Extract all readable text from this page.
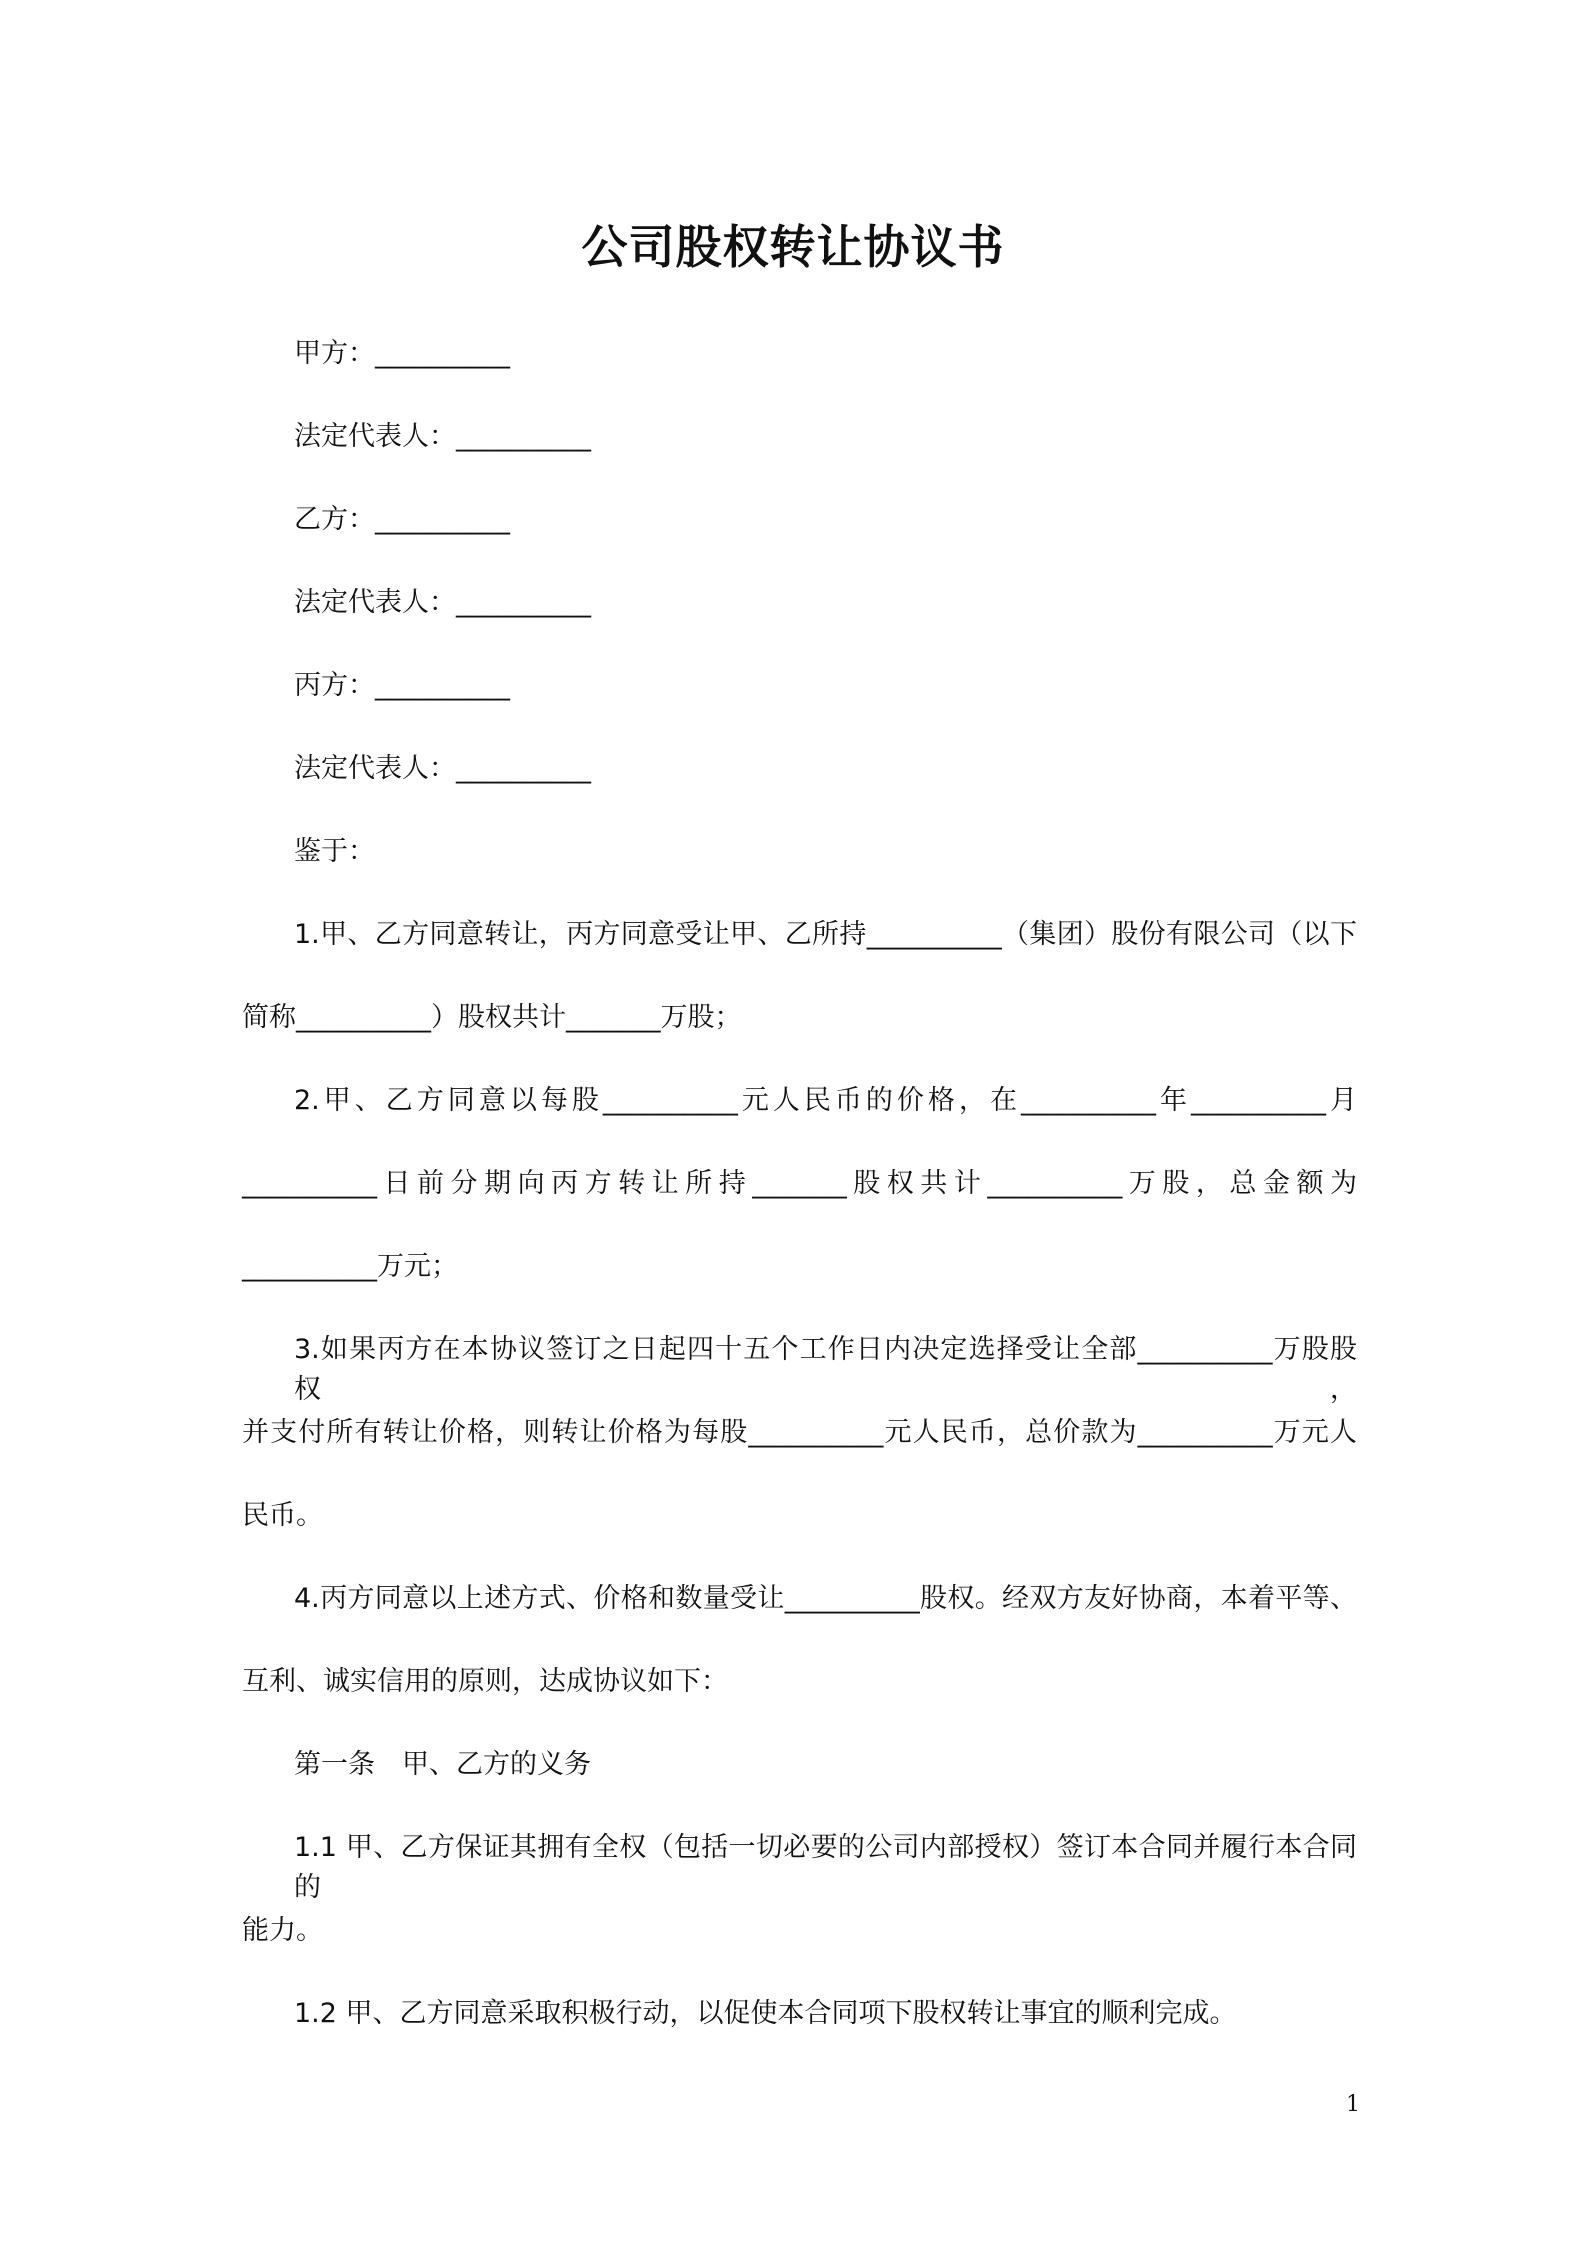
公司股权转让协议书
甲方：__________
法定代表人：__________
乙方：__________
法定代表人：__________
丙方：__________
法定代表人：__________
鉴于：
1.甲、乙方同意转让，丙方同意受让甲、乙所持__________（集团）股份有限公司（以下
简称__________）股权共计_______万股；
2.甲、乙方同意以每股__________元人民币的价格，在__________年__________月
__________日前分期向丙方转让所持_______股权共计__________万股，总金额为
__________万元；
3.如果丙方在本协议签订之日起四十五个工作日内决定选择受让全部__________万股股权，
并支付所有转让价格，则转让价格为每股__________元人民币，总价款为__________万元人
民币。
4.丙方同意以上述方式、价格和数量受让__________股权。经双方友好协商，本着平等、
互利、诚实信用的原则，达成协议如下：
第一条　甲、乙方的义务
1.1 甲、乙方保证其拥有全权（包括一切必要的公司内部授权）签订本合同并履行本合同的
能力。
1.2 甲、乙方同意采取积极行动，以促使本合同项下股权转让事宜的顺利完成。
1
